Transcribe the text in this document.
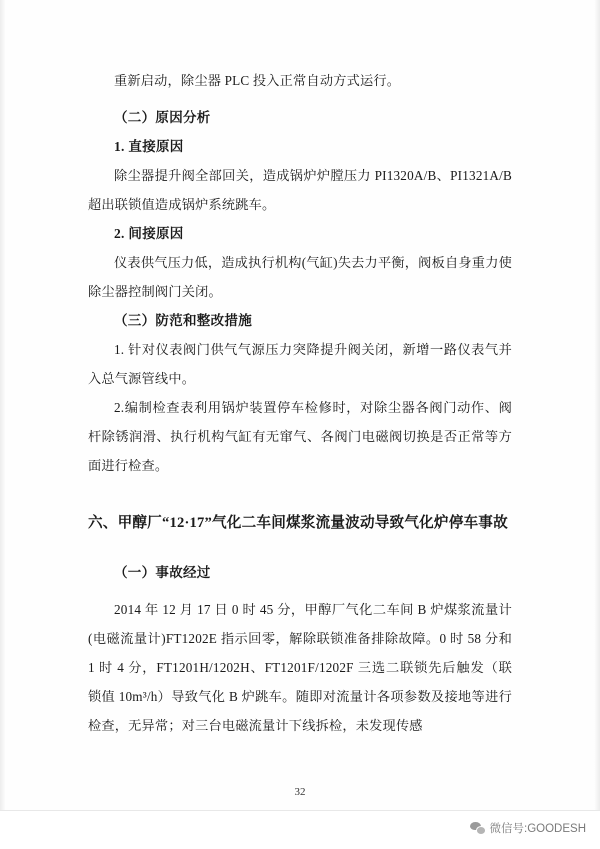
重新启动，除尘器 PLC 投入正常自动方式运行。

（二）原因分析

1. 直接原因

除尘器提升阀全部回关，造成锅炉炉膛压力 PI1320A/B、PI1321A/B 超出联锁值造成锅炉系统跳车。

2. 间接原因

仪表供气压力低，造成执行机构(气缸)失去力平衡，阀板自身重力使除尘器控制阀门关闭。

（三）防范和整改措施

1. 针对仪表阀门供气气源压力突降提升阀关闭，新增一路仪表气并入总气源管线中。

2.编制检查表利用锅炉装置停车检修时，对除尘器各阀门动作、阀杆除锈润滑、执行机构气缸有无窜气、各阀门电磁阀切换是否正常等方面进行检查。

六、甲醇厂“12·17”气化二车间煤浆流量波动导致气化炉停车事故

（一）事故经过

2014 年 12 月 17 日 0 时 45 分，甲醇厂气化二车间 B 炉煤浆流量计(电磁流量计)FT1202E 指示回零，解除联锁准备排除故障。0 时 58 分和 1 时 4 分，FT1201H/1202H、FT1201F/1202F 三选二联锁先后触发（联锁值 10m³/h）导致气化 B 炉跳车。随即对流量计各项参数及接地等进行检查，无异常；对三台电磁流量计下线拆检，未发现传感

32
微信号:GOODESH
